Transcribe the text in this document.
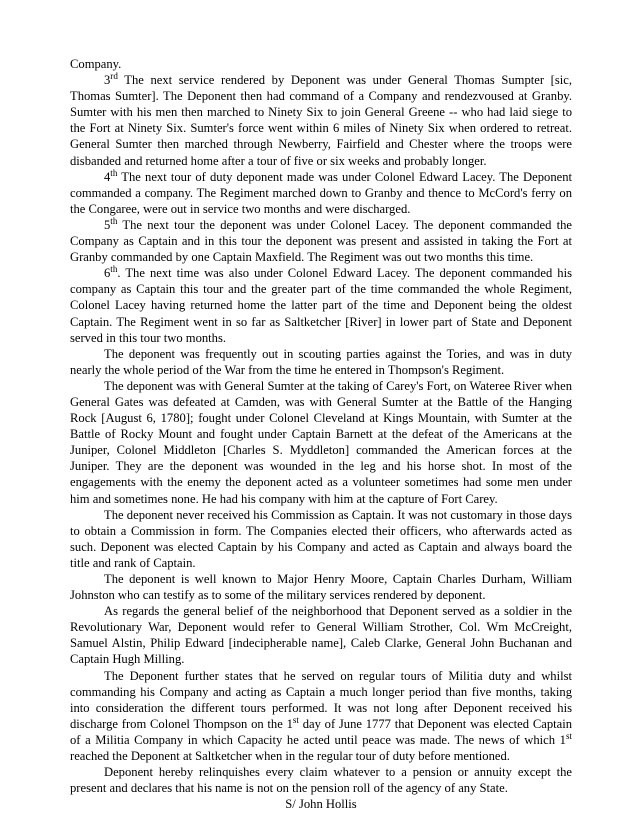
Company.

3rd The next service rendered by Deponent was under General Thomas Sumpter [sic, Thomas Sumter]. The Deponent then had command of a Company and rendezvoused at Granby. Sumter with his men then marched to Ninety Six to join General Greene -- who had laid siege to the Fort at Ninety Six. Sumter's force went within 6 miles of Ninety Six when ordered to retreat. General Sumter then marched through Newberry, Fairfield and Chester where the troops were disbanded and returned home after a tour of five or six weeks and probably longer.

4th The next tour of duty deponent made was under Colonel Edward Lacey. The Deponent commanded a company. The Regiment marched down to Granby and thence to McCord's ferry on the Congaree, were out in service two months and were discharged.

5th The next tour the deponent was under Colonel Lacey. The deponent commanded the Company as Captain and in this tour the deponent was present and assisted in taking the Fort at Granby commanded by one Captain Maxfield. The Regiment was out two months this time.

6th. The next time was also under Colonel Edward Lacey. The deponent commanded his company as Captain this tour and the greater part of the time commanded the whole Regiment, Colonel Lacey having returned home the latter part of the time and Deponent being the oldest Captain. The Regiment went in so far as Saltketcher [River] in lower part of State and Deponent served in this tour two months.

The deponent was frequently out in scouting parties against the Tories, and was in duty nearly the whole period of the War from the time he entered in Thompson's Regiment.

The deponent was with General Sumter at the taking of Carey's Fort, on Wateree River when General Gates was defeated at Camden, was with General Sumter at the Battle of the Hanging Rock [August 6, 1780]; fought under Colonel Cleveland at Kings Mountain, with Sumter at the Battle of Rocky Mount and fought under Captain Barnett at the defeat of the Americans at the Juniper, Colonel Middleton [Charles S. Myddleton] commanded the American forces at the Juniper. They are the deponent was wounded in the leg and his horse shot. In most of the engagements with the enemy the deponent acted as a volunteer sometimes had some men under him and sometimes none. He had his company with him at the capture of Fort Carey.

The deponent never received his Commission as Captain. It was not customary in those days to obtain a Commission in form. The Companies elected their officers, who afterwards acted as such. Deponent was elected Captain by his Company and acted as Captain and always board the title and rank of Captain.

The deponent is well known to Major Henry Moore, Captain Charles Durham, William Johnston who can testify as to some of the military services rendered by deponent.

As regards the general belief of the neighborhood that Deponent served as a soldier in the Revolutionary War, Deponent would refer to General William Strother, Col. Wm McCreight, Samuel Alstin, Philip Edward [indecipherable name], Caleb Clarke, General John Buchanan and Captain Hugh Milling.

The Deponent further states that he served on regular tours of Militia duty and whilst commanding his Company and acting as Captain a much longer period than five months, taking into consideration the different tours performed. It was not long after Deponent received his discharge from Colonel Thompson on the 1st day of June 1777 that Deponent was elected Captain of a Militia Company in which Capacity he acted until peace was made. The news of which 1st reached the Deponent at Saltketcher when in the regular tour of duty before mentioned.

Deponent hereby relinquishes every claim whatever to a pension or annuity except the present and declares that his name is not on the pension roll of the agency of any State.

S/ John Hollis
